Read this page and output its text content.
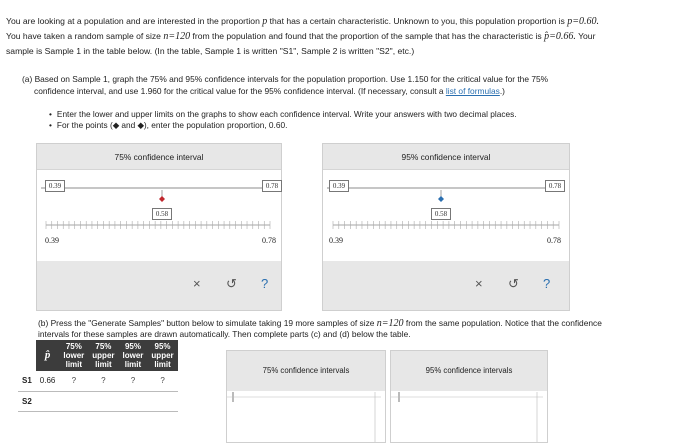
You are looking at a population and are interested in the proportion p that has a certain characteristic. Unknown to you, this population proportion is p=0.60.
You have taken a random sample of size n=120 from the population and found that the proportion of the sample that has the characteristic is p̂=0.66. Your
sample is Sample 1 in the table below. (In the table, Sample 1 is written "S1", Sample 2 is written "S2", etc.)
(a) Based on Sample 1, graph the 75% and 95% confidence intervals for the population proportion. Use 1.150 for the critical value for the 75%
confidence interval, and use 1.960 for the critical value for the 95% confidence interval. (If necessary, consult a list of formulas.)
• Enter the lower and upper limits on the graphs to show each confidence interval. Write your answers with two decimal places.
• For the points (◆ and ◆), enter the population proportion, 0.60.
75% confidence interval
0.39	0.78
0.58
0.39	0.78
× ↺ ?
95% confidence interval
0.39	0.78
0.58
0.39	0.78
× ↺ ?
(b) Press the "Generate Samples" button below to simulate taking 19 more samples of size n=120 from the same population. Notice that the confidence
intervals for these samples are drawn automatically. Then complete parts (c) and (d) below the table.
	p̂	75%
lower
limit	75%
upper
limit	95%
lower
limit	95%
upper
limit
S1	0.66	?	?	?	?
S2					
75% confidence intervals	95% confidence intervals
